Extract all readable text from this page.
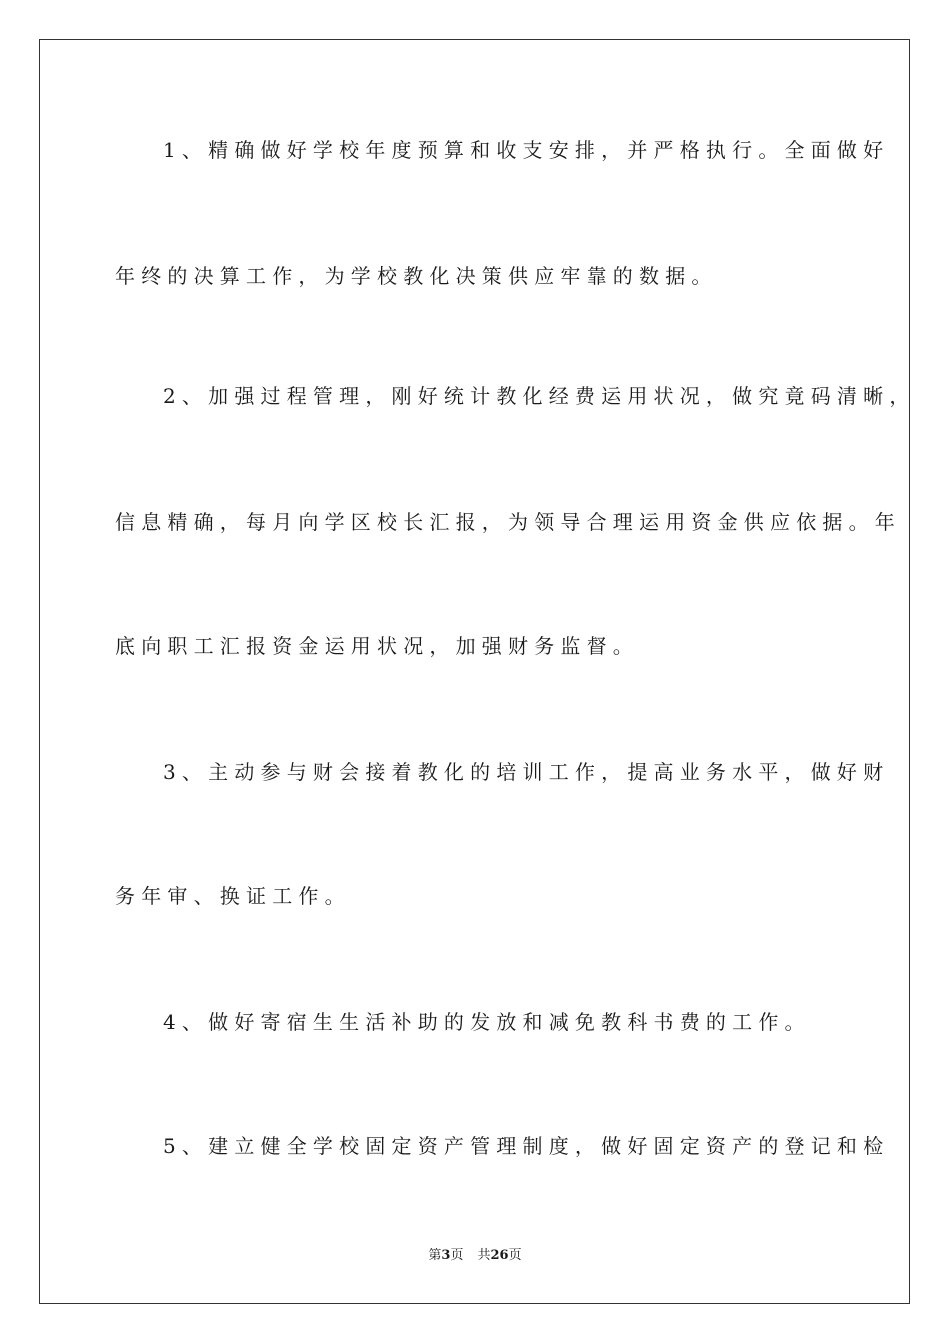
1、精确做好学校年度预算和收支安排，并严格执行。全面做好
年终的决算工作，为学校教化决策供应牢靠的数据。
2、加强过程管理，刚好统计教化经费运用状况，做究竟码清晰，
信息精确，每月向学区校长汇报，为领导合理运用资金供应依据。年
底向职工汇报资金运用状况，加强财务监督。
3、主动参与财会接着教化的培训工作，提高业务水平，做好财
务年审、换证工作。
4、做好寄宿生生活补助的发放和减免教科书费的工作。
5、建立健全学校固定资产管理制度，做好固定资产的登记和检
第3页 共26页
